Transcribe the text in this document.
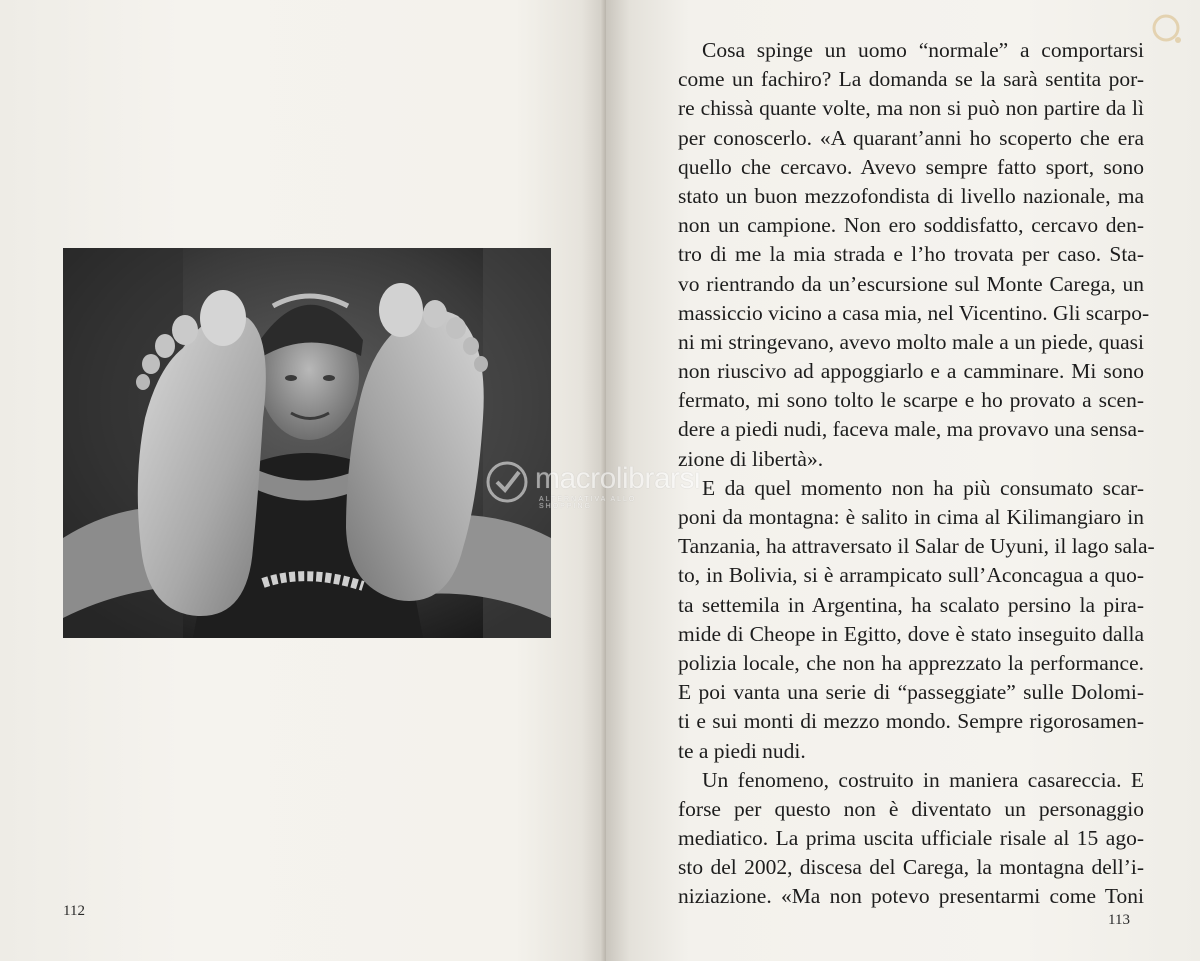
112
Cosa spinge un uomo “normale” a comportarsi
come un fachiro? La domanda se la sarà sentita por-
re chissà quante volte, ma non si può non partire da lì
per conoscerlo. «A quarant’anni ho scoperto che era
quello che cercavo. Avevo sempre fatto sport, sono
stato un buon mezzofondista di livello nazionale, ma
non un campione. Non ero soddisfatto, cercavo den-
tro di me la mia strada e l’ho trovata per caso. Sta-
vo rientrando da un’escursione sul Monte Carega, un
massiccio vicino a casa mia, nel Vicentino. Gli scarpo-
ni mi stringevano, avevo molto male a un piede, quasi
non riuscivo ad appoggiarlo e a camminare. Mi sono
fermato, mi sono tolto le scarpe e ho provato a scen-
dere a piedi nudi, faceva male, ma provavo una sensa-
zione di libertà».
E da quel momento non ha più consumato scar-
poni da montagna: è salito in cima al Kilimangiaro in
Tanzania, ha attraversato il Salar de Uyuni, il lago sala-
to, in Bolivia, si è arrampicato sull’Aconcagua a quo-
ta settemila in Argentina, ha scalato persino la pira-
mide di Cheope in Egitto, dove è stato inseguito dalla
polizia locale, che non ha apprezzato la performance.
E poi vanta una serie di “passeggiate” sulle Dolomi-
ti e sui monti di mezzo mondo. Sempre rigorosamen-
te a piedi nudi.
Un fenomeno, costruito in maniera casareccia. E
forse per questo non è diventato un personaggio
mediatico. La prima uscita ufficiale risale al 15 ago-
sto del 2002, discesa del Carega, la montagna dell’i-
niziazione. «Ma non potevo presentarmi come Toni
113
macrolibrarsi
ALTERNATIVA ALLO SHOPPING
